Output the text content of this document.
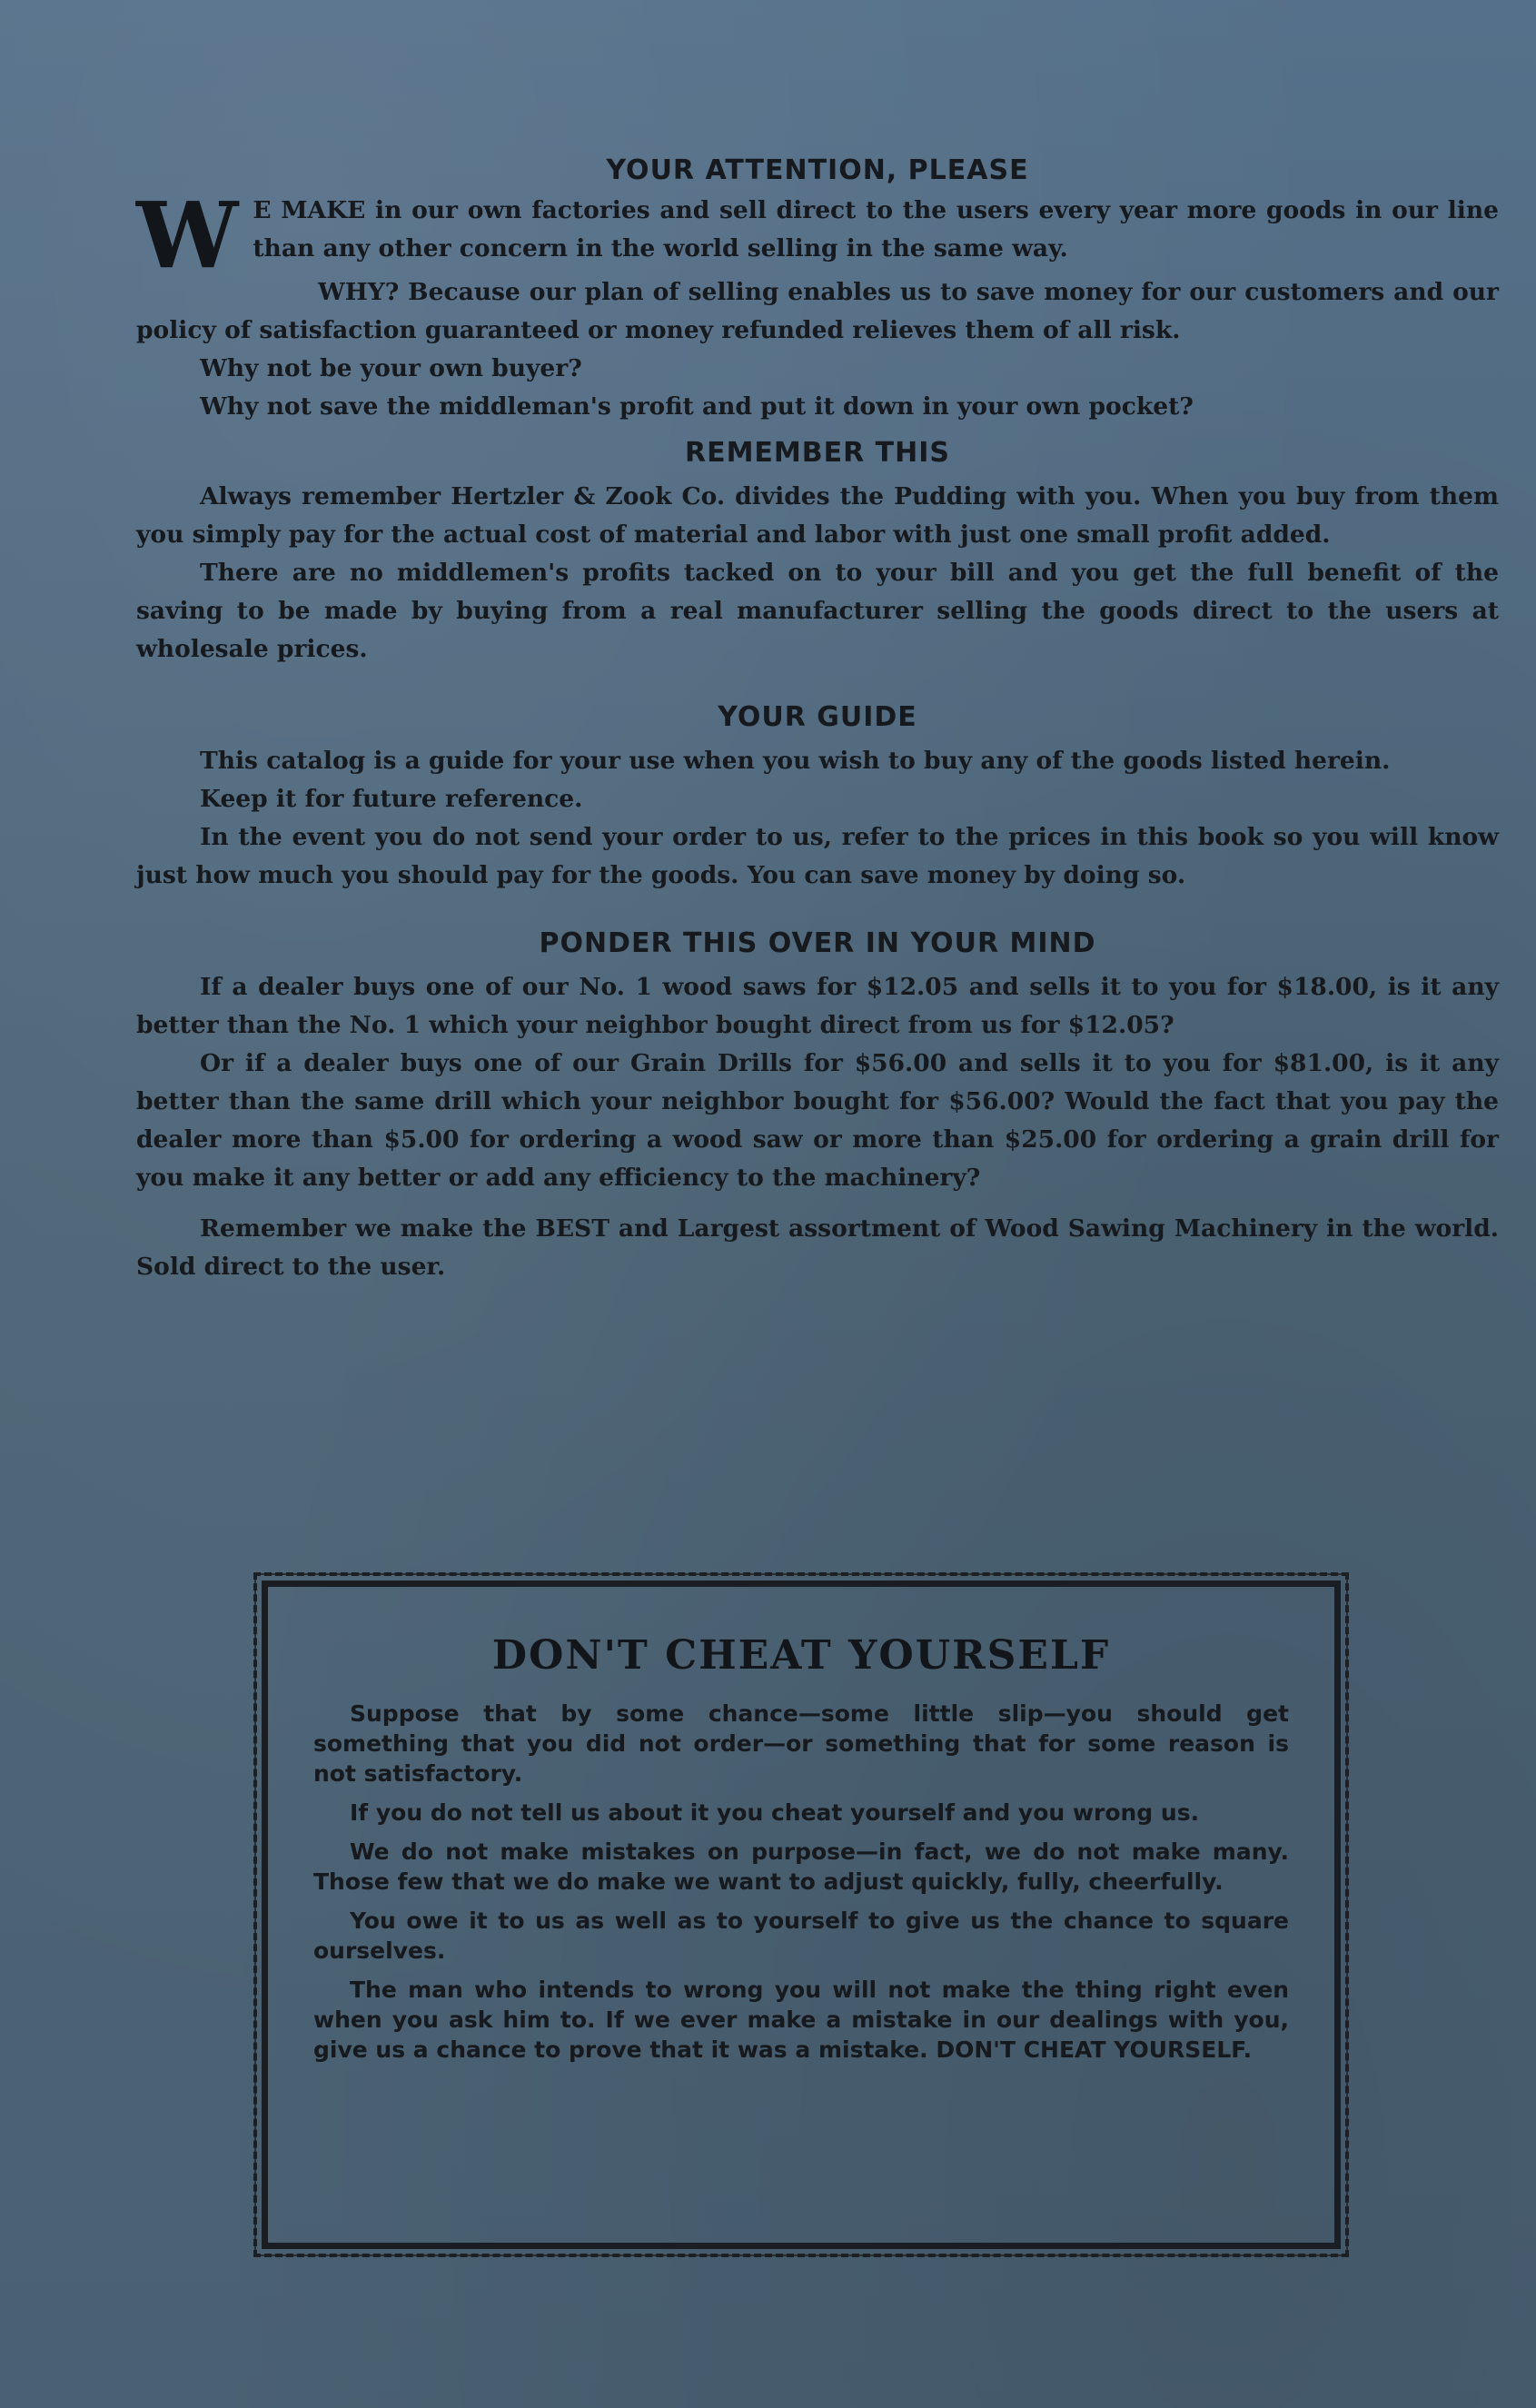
YOUR ATTENTION, PLEASE
W E MAKE in our own factories and sell direct to the users every year more goods in our line than any other concern in the world selling in the same way.

WHY? Because our plan of selling enables us to save money for our customers and our policy of satisfaction guaranteed or money refunded relieves them of all risk.

Why not be your own buyer?

Why not save the middleman's profit and put it down in your own pocket?

REMEMBER THIS

Always remember Hertzler & Zook Co. divides the Pudding with you. When you buy from them you simply pay for the actual cost of material and labor with just one small profit added.

There are no middlemen's profits tacked on to your bill and you get the full benefit of the saving to be made by buying from a real manufacturer selling the goods direct to the users at wholesale prices.

YOUR GUIDE

This catalog is a guide for your use when you wish to buy any of the goods listed herein.

Keep it for future reference.

In the event you do not send your order to us, refer to the prices in this book so you will know just how much you should pay for the goods. You can save money by doing so.

PONDER THIS OVER IN YOUR MIND

If a dealer buys one of our No. 1 wood saws for $12.05 and sells it to you for $18.00, is it any better than the No. 1 which your neighbor bought direct from us for $12.05?

Or if a dealer buys one of our Grain Drills for $56.00 and sells it to you for $81.00, is it any better than the same drill which your neighbor bought for $56.00? Would the fact that you pay the dealer more than $5.00 for ordering a wood saw or more than $25.00 for ordering a grain drill for you make it any better or add any efficiency to the machinery?

Remember we make the BEST and Largest assortment of Wood Sawing Machinery in the world. Sold direct to the user.

DON'T CHEAT YOURSELF

Suppose that by some chance—some little slip—you should get something that you did not order—or something that for some reason is not satisfactory.

If you do not tell us about it you cheat yourself and you wrong us.

We do not make mistakes on purpose—in fact, we do not make many. Those few that we do make we want to adjust quickly, fully, cheerfully.

You owe it to us as well as to yourself to give us the chance to square ourselves.

The man who intends to wrong you will not make the thing right even when you ask him to. If we ever make a mistake in our dealings with you, give us a chance to prove that it was a mistake. DON'T CHEAT YOURSELF.
